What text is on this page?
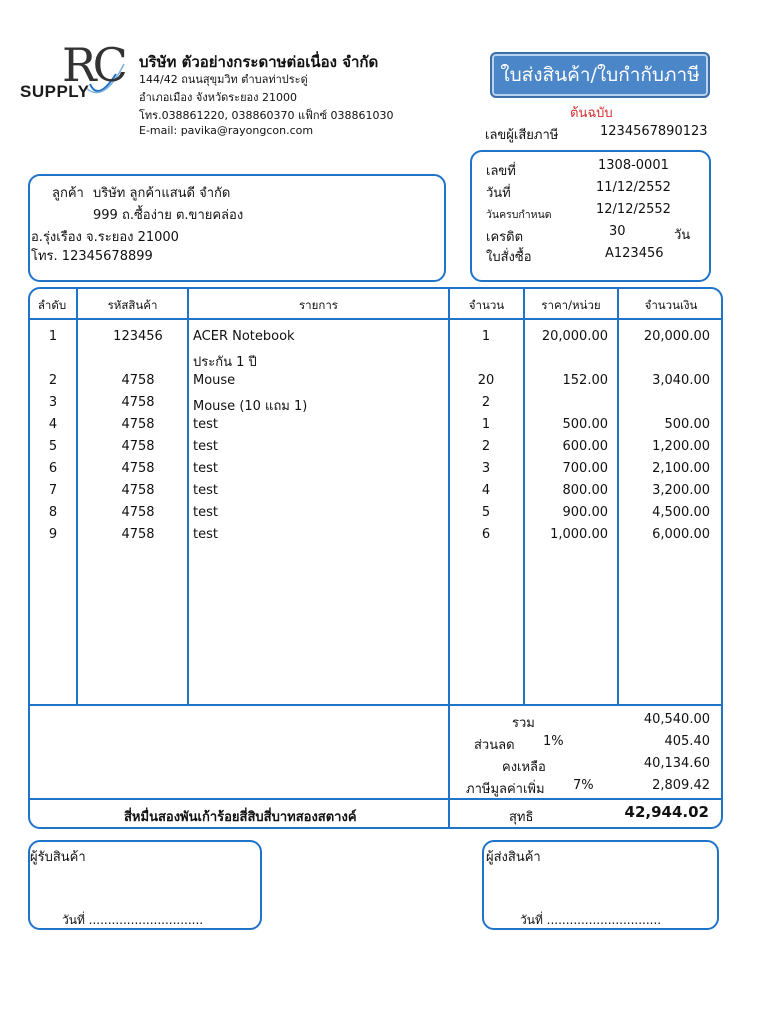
RC
SUPPLY
บริษัท ตัวอย่างกระดาษต่อเนื่อง จำกัด
144/42 ถนนสุขุมวิท ตำบลท่าประดู่
อำเภอเมือง จังหวัดระยอง 21000
โทร.038861220, 038860370 แฟ็กซ์ 038861030
E-mail: pavika@rayongcon.com
ใบส่งสินค้า/ใบกำกับภาษี
ต้นฉบับ
เลขผู้เสียภาษี	1234567890123
ลูกค้า บริษัท ลูกค้าแสนดี จำกัด
999 ถ.ซื้อง่าย ต.ขายคล่อง
อ.รุ่งเรือง จ.ระยอง 21000
โทร. 12345678899
เลขที่	1308-0001
วันที่	11/12/2552
วันครบกำหนด	12/12/2552
เครดิต	30	วัน
ใบสั่งซื้อ	A123456
ลำดับ	รหัสสินค้า	รายการ	จำนวน	ราคา/หน่วย	จำนวนเงิน
1	123456	ACER Notebook	1	20,000.00	20,000.00
ประกัน 1 ปี
2	4758	Mouse	20	152.00	3,040.00
3	4758	Mouse (10 แถม 1)	2
4	4758	test	1	500.00	500.00
5	4758	test	2	600.00	1,200.00
6	4758	test	3	700.00	2,100.00
7	4758	test	4	800.00	3,200.00
8	4758	test	5	900.00	4,500.00
9	4758	test	6	1,000.00	6,000.00
รวม	40,540.00
ส่วนลด 1%	405.40
คงเหลือ	40,134.60
ภาษีมูลค่าเพิ่ม 7%	2,809.42
สี่หมื่นสองพันเก้าร้อยสี่สิบสี่บาทสองสตางค์	สุทธิ	42,944.02
ผู้รับสินค้า
วันที่ ..............................
ผู้ส่งสินค้า
วันที่ ..............................
